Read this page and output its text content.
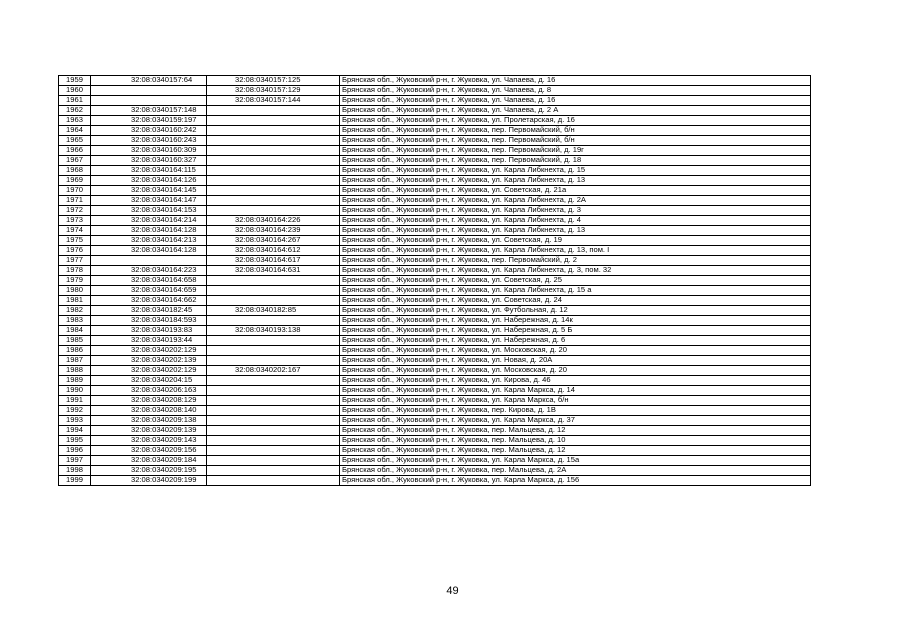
1959	32:08:0340157:64	32:08:0340157:125	Брянская обл., Жуковский р-н, г. Жуковка, ул. Чапаева, д. 16
1960		32:08:0340157:129	Брянская обл., Жуковский р-н, г. Жуковка, ул. Чапаева, д. 8
1961		32:08:0340157:144	Брянская обл., Жуковский р-н, г. Жуковка, ул. Чапаева, д. 16
1962	32:08:0340157:148		Брянская обл., Жуковский р-н, г. Жуковка, ул. Чапаева, д. 2 А
1963	32:08:0340159:197		Брянская обл., Жуковский р-н, г. Жуковка, ул. Пролетарская, д. 16
1964	32:08:0340160:242		Брянская обл., Жуковский р-н, г. Жуковка, пер. Первомайский, б/н
1965	32:08:0340160:243		Брянская обл., Жуковский р-н, г. Жуковка, пер. Первомайский, б/н
1966	32:08:0340160:309		Брянская обл., Жуковский р-н, г. Жуковка, пер. Первомайский, д. 19г
1967	32:08:0340160:327		Брянская обл., Жуковский р-н, г. Жуковка, пер. Первомайский, д. 18
1968	32:08:0340164:115		Брянская обл., Жуковский р-н, г. Жуковка, ул. Карла Либкнехта, д. 15
1969	32:08:0340164:126		Брянская обл., Жуковский р-н, г. Жуковка, ул. Карла Либкнехта, д. 13
1970	32:08:0340164:145		Брянская обл., Жуковский р-н, г. Жуковка, ул. Советская, д. 21а
1971	32:08:0340164:147		Брянская обл., Жуковский р-н, г. Жуковка, ул. Карла Либкнехта, д. 2А
1972	32:08:0340164:153		Брянская обл., Жуковский р-н, г. Жуковка, ул. Карла Либкнехта, д. 3
1973	32:08:0340164:214	32:08:0340164:226	Брянская обл., Жуковский р-н, г. Жуковка, ул. Карла Либкнехта, д. 4
1974	32:08:0340164:128	32:08:0340164:239	Брянская обл., Жуковский р-н, г. Жуковка, ул. Карла Либкнехта, д. 13
1975	32:08:0340164:213	32:08:0340164:267	Брянская обл., Жуковский р-н, г. Жуковка, ул. Советская, д. 19
1976	32:08:0340164:128	32:08:0340164:612	Брянская обл., Жуковский р-н, г. Жуковка, ул. Карла Либкнехта, д. 13, пом. I
1977		32:08:0340164:617	Брянская обл., Жуковский р-н, г. Жуковка, пер. Первомайский, д. 2
1978	32:08:0340164:223	32:08:0340164:631	Брянская обл., Жуковский р-н, г. Жуковка, ул. Карла Либкнехта, д. 3, пом. 32
1979	32:08:0340164:658		Брянская обл., Жуковский р-н, г. Жуковка, ул. Советская, д. 25
1980	32:08:0340164:659		Брянская обл., Жуковский р-н, г. Жуковка, ул. Карла Либкнехта, д. 15 а
1981	32:08:0340164:662		Брянская обл., Жуковский р-н, г. Жуковка, ул. Советская, д. 24
1982	32:08:0340182:45	32:08:0340182:85	Брянская обл., Жуковский р-н, г. Жуковка, ул. Футбольная, д. 12
1983	32:08:0340184:593		Брянская обл., Жуковский р-н, г. Жуковка, ул. Набережная, д. 14к
1984	32:08:0340193:83	32:08:0340193:138	Брянская обл., Жуковский р-н, г. Жуковка, ул. Набережная, д. 5 Б
1985	32:08:0340193:44		Брянская обл., Жуковский р-н, г. Жуковка, ул. Набережная, д. 6
1986	32:08:0340202:129		Брянская обл., Жуковский р-н, г. Жуковка, ул. Московская, д. 20
1987	32:08:0340202:139		Брянская обл., Жуковский р-н, г. Жуковка, ул. Новая, д. 20А
1988	32:08:0340202:129	32:08:0340202:167	Брянская обл., Жуковский р-н, г. Жуковка, ул. Московская, д. 20
1989	32:08:0340204:15		Брянская обл., Жуковский р-н, г. Жуковка, ул. Кирова, д. 46
1990	32:08:0340206:163		Брянская обл., Жуковский р-н, г. Жуковка, ул. Карла Маркса, д. 14
1991	32:08:0340208:129		Брянская обл., Жуковский р-н, г. Жуковка, ул. Карла Маркса, б/н
1992	32:08:0340208:140		Брянская обл., Жуковский р-н, г. Жуковка, пер. Кирова, д. 1В
1993	32:08:0340209:138		Брянская обл., Жуковский р-н, г. Жуковка, ул. Карла Маркса, д. 37
1994	32:08:0340209:139		Брянская обл., Жуковский р-н, г. Жуковка, пер. Мальцева, д. 12
1995	32:08:0340209:143		Брянская обл., Жуковский р-н, г. Жуковка, пер. Мальцева, д. 10
1996	32:08:0340209:156		Брянская обл., Жуковский р-н, г. Жуковка, пер. Мальцева, д. 12
1997	32:08:0340209:184		Брянская обл., Жуковский р-н, г. Жуковка, ул. Карла Маркса, д. 15а
1998	32:08:0340209:195		Брянская обл., Жуковский р-н, г. Жуковка, пер. Мальцева, д. 2А
1999	32:08:0340209:199		Брянская обл., Жуковский р-н, г. Жуковка, ул. Карла Маркса, д. 156
49
